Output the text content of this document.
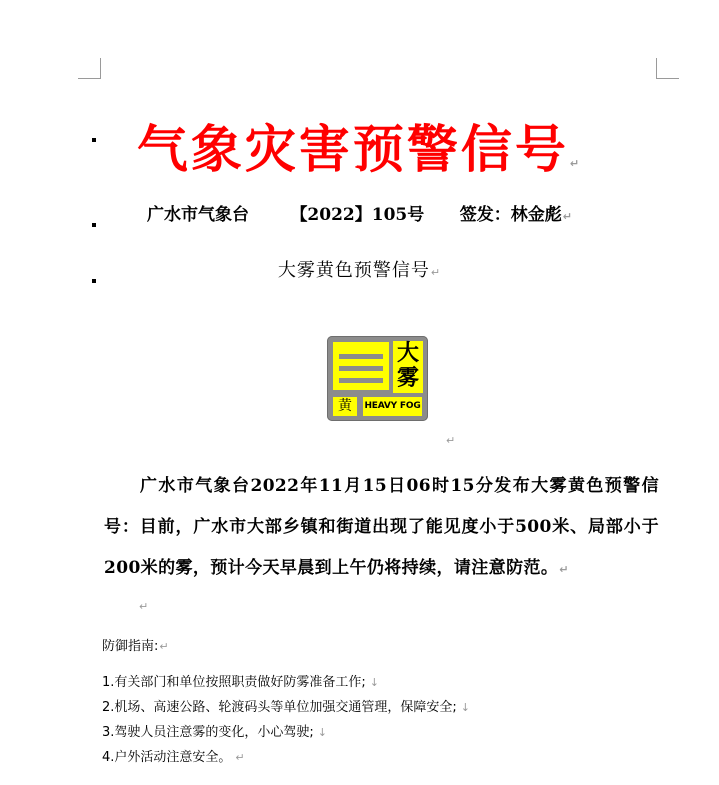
气象灾害预警信号↵
广水市气象台 【2022】105号 签发：林金彪↵
大雾黄色预警信号↵
大
雾
黄	HEAVY FOG
↵
广水市气象台2022年11月15日06时15分发布大雾黄色预警信号：目前，广水市大部乡镇和街道出现了能见度小于500米、局部小于200米的雾，预计今天早晨到上午仍将持续，请注意防范。↵
↵
防御指南:↵
1.有关部门和单位按照职责做好防雾准备工作; ↓
2.机场、高速公路、轮渡码头等单位加强交通管理，保障安全; ↓
3.驾驶人员注意雾的变化，小心驾驶; ↓
4.户外活动注意安全。 ↵
